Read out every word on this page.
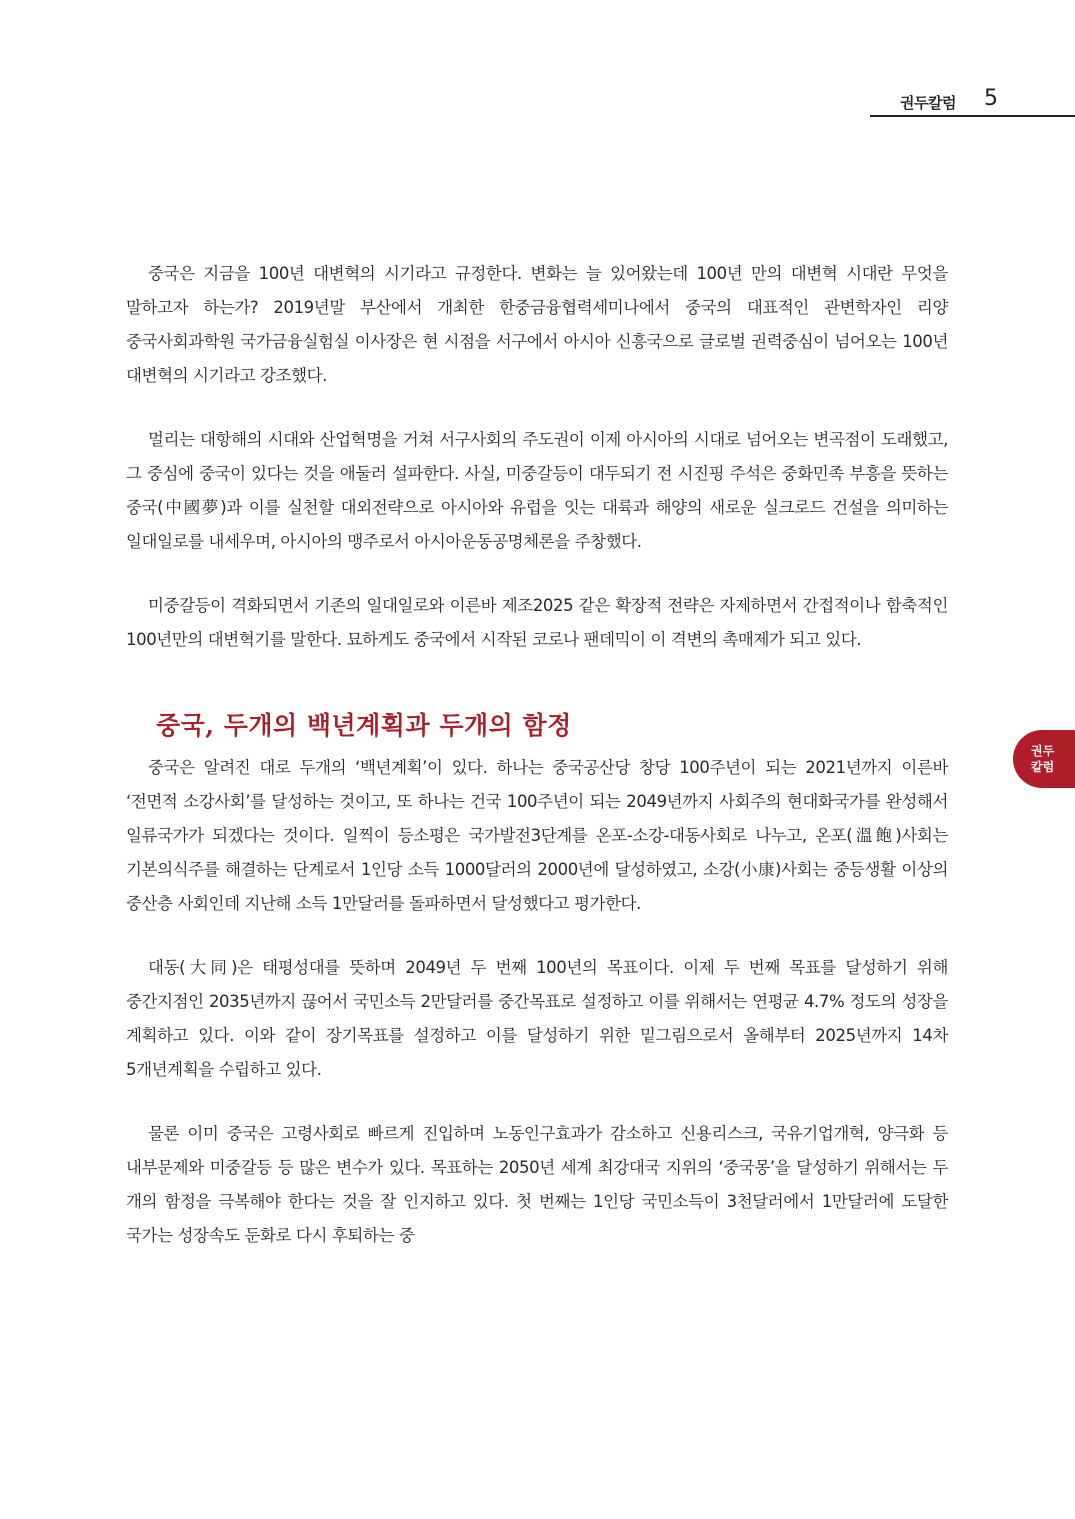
권두칼럼 5

중국은 지금을 100년 대변혁의 시기라고 규정한다. 변화는 늘 있어왔는데 100년 만의 대변혁 시대란 무엇을 말하고자 하는가? 2019년말 부산에서 개최한 한중금융협력세미나에서 중국의 대표적인 관변학자인 리양 중국사회과학원 국가금융실험실 이사장은 현 시점을 서구에서 아시아 신흥국으로 글로벌 권력중심이 넘어오는 100년 대변혁의 시기라고 강조했다.

멀리는 대항해의 시대와 산업혁명을 거쳐 서구사회의 주도권이 이제 아시아의 시대로 넘어오는 변곡점이 도래했고, 그 중심에 중국이 있다는 것을 애둘러 설파한다. 사실, 미중갈등이 대두되기 전 시진핑 주석은 중화민족 부흥을 뜻하는 중국(中國夢)과 이를 실천할 대외전략으로 아시아와 유럽을 잇는 대륙과 해양의 새로운 실크로드 건설을 의미하는 일대일로를 내세우며, 아시아의 맹주로서 아시아운동공명체론을 주창했다.

미중갈등이 격화되면서 기존의 일대일로와 이른바 제조2025 같은 확장적 전략은 자제하면서 간접적이나 함축적인 100년만의 대변혁기를 말한다. 묘하게도 중국에서 시작된 코로나 팬데믹이 이 격변의 촉매제가 되고 있다.

중국, 두개의 백년계획과 두개의 함정

중국은 알려진 대로 두개의 ‘백년계획’이 있다. 하나는 중국공산당 창당 100주년이 되는 2021년까지 이른바 ‘전면적 소강사회’를 달성하는 것이고, 또 하나는 건국 100주년이 되는 2049년까지 사회주의 현대화국가를 완성해서 일류국가가 되겠다는 것이다. 일찍이 등소평은 국가발전3단계를 온포-소강-대동사회로 나누고, 온포(溫飽)사회는 기본의식주를 해결하는 단계로서 1인당 소득 1000달러의 2000년에 달성하였고, 소강(小康)사회는 중등생활 이상의 중산층 사회인데 지난해 소득 1만달러를 돌파하면서 달성했다고 평가한다.

대동(大同)은 태평성대를 뜻하며 2049년 두 번째 100년의 목표이다. 이제 두 번째 목표를 달성하기 위해 중간지점인 2035년까지 끊어서 국민소득 2만달러를 중간목표로 설정하고 이를 위해서는 연평균 4.7% 정도의 성장을 계획하고 있다. 이와 같이 장기목표를 설정하고 이를 달성하기 위한 밑그림으로서 올해부터 2025년까지 14차 5개년계획을 수립하고 있다.

물론 이미 중국은 고령사회로 빠르게 진입하며 노동인구효과가 감소하고 신용리스크, 국유기업개혁, 양극화 등 내부문제와 미중갈등 등 많은 변수가 있다. 목표하는 2050년 세계 최강대국 지위의 ‘중국몽’을 달성하기 위해서는 두 개의 함정을 극복해야 한다는 것을 잘 인지하고 있다. 첫 번째는 1인당 국민소득이 3천달러에서 1만달러에 도달한 국가는 성장속도 둔화로 다시 후퇴하는 중

권두
칼럼
